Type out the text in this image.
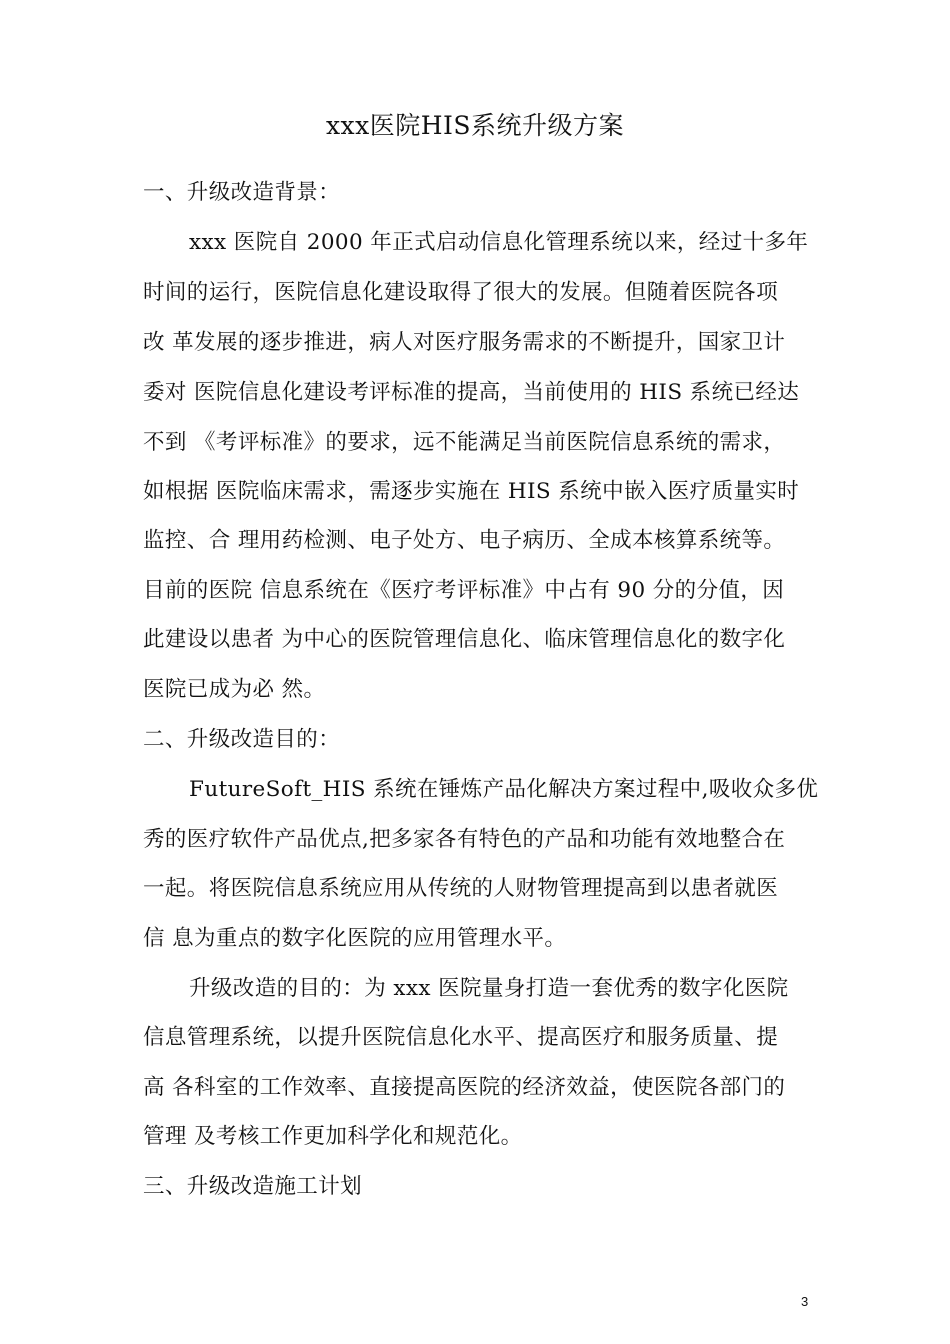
xxx医院HIS系统升级方案
一、升级改造背景：
xxx 医院自 2000 年正式启动信息化管理系统以来，经过十多年
时间的运行，医院信息化建设取得了很大的发展。但随着医院各项
改 革发展的逐步推进，病人对医疗服务需求的不断提升，国家卫计
委对 医院信息化建设考评标准的提高，当前使用的 HIS 系统已经达
不到 《考评标准》的要求，远不能满足当前医院信息系统的需求，
如根据 医院临床需求，需逐步实施在 HIS 系统中嵌入医疗质量实时
监控、合 理用药检测、电子处方、电子病历、全成本核算系统等。
目前的医院 信息系统在《医疗考评标准》中占有 90 分的分值，因
此建设以患者 为中心的医院管理信息化、临床管理信息化的数字化
医院已成为必 然。
二、升级改造目的：
FutureSoft_HIS 系统在锤炼产品化解决方案过程中,吸收众多优
秀的医疗软件产品优点,把多家各有特色的产品和功能有效地整合在
一起。将医院信息系统应用从传统的人财物管理提高到以患者就医
信 息为重点的数字化医院的应用管理水平。
升级改造的目的：为 xxx 医院量身打造一套优秀的数字化医院
信息管理系统，以提升医院信息化水平、提高医疗和服务质量、提
高 各科室的工作效率、直接提高医院的经济效益，使医院各部门的
管理 及考核工作更加科学化和规范化。
三、升级改造施工计划
3
